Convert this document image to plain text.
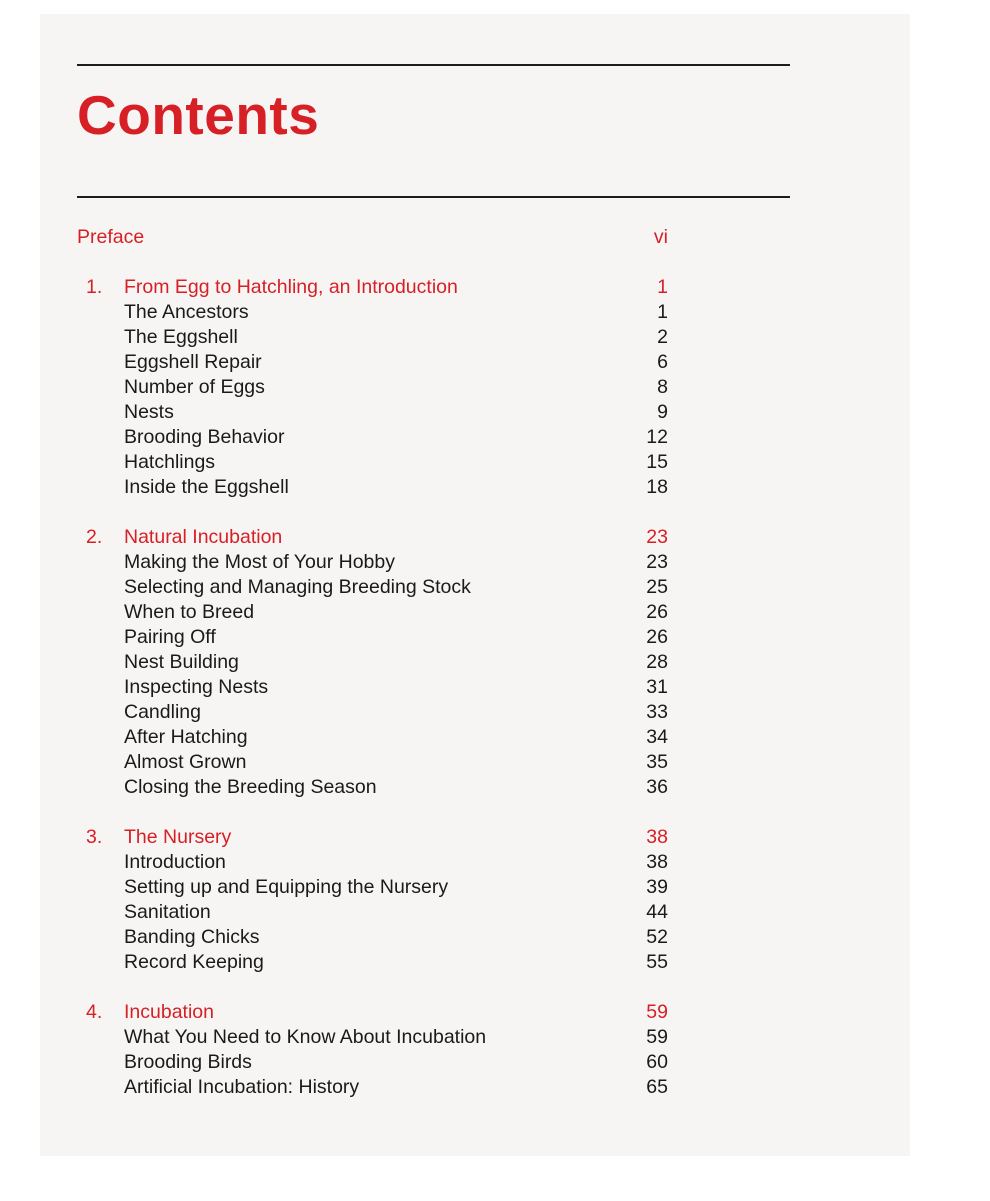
Contents
Preface	vi
1.	From Egg to Hatchling, an Introduction	1
The Ancestors	1
The Eggshell	2
Eggshell Repair	6
Number of Eggs	8
Nests	9
Brooding Behavior	12
Hatchlings	15
Inside the Eggshell	18
2.	Natural Incubation	23
Making the Most of Your Hobby	23
Selecting and Managing Breeding Stock	25
When to Breed	26
Pairing Off	26
Nest Building	28
Inspecting Nests	31
Candling	33
After Hatching	34
Almost Grown	35
Closing the Breeding Season	36
3.	The Nursery	38
Introduction	38
Setting up and Equipping the Nursery	39
Sanitation	44
Banding Chicks	52
Record Keeping	55
4.	Incubation	59
What You Need to Know About Incubation	59
Brooding Birds	60
Artificial Incubation: History	65
